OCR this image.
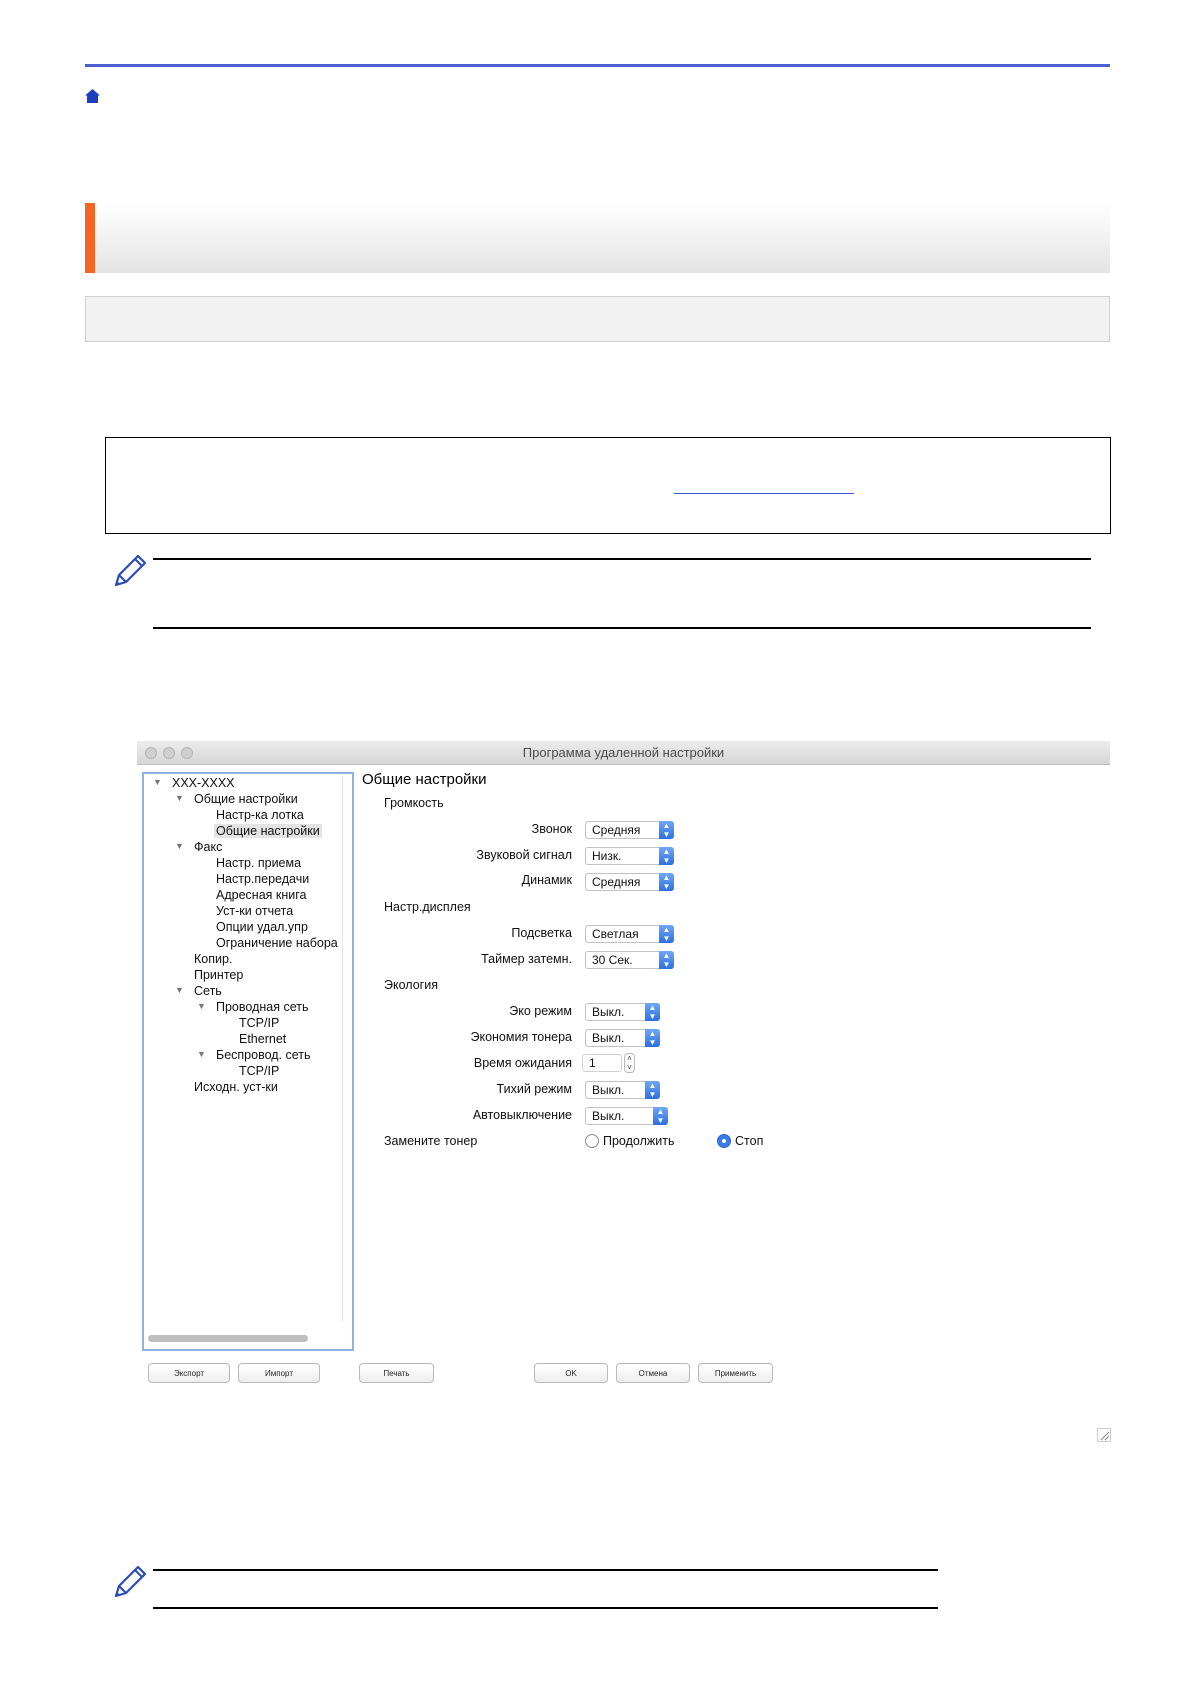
Программа удаленной настройки
▼ XXX-XXXX
▼ Общие настройки
Настр-ка лотка
Общие настройки
▼ Факс
Настр. приема
Настр.передачи
Адресная книга
Уст-ки отчета
Опции удал.упр
Ограничение набора
Копир.
Принтер
▼ Сеть
▼ Проводная сеть
TCP/IP
Ethernet
▼ Беспровод. сеть
TCP/IP
Исходн. уст-ки
Общие настройки
Громкость
Звонок	Средняя	▲
▼
Звуковой сигнал	Низк.	▲
▼
Динамик	Средняя	▲
▼
Настр.дисплея
Подсветка	Светлая	▲
▼
Таймер затемн.	30 Сек.	▲
▼
Экология
Эко режим	Выкл.	▲
▼
Экономия тонера	Выкл.	▲
▼
Время ожидания	1	˄
˅
Тихий режим	Выкл.	▲
▼
Автовыключение	Выкл.	▲
▼
Замените тонер	Продолжить	Стоп
Экспорт	Импорт	Печать	OK	Отмена	Применить
